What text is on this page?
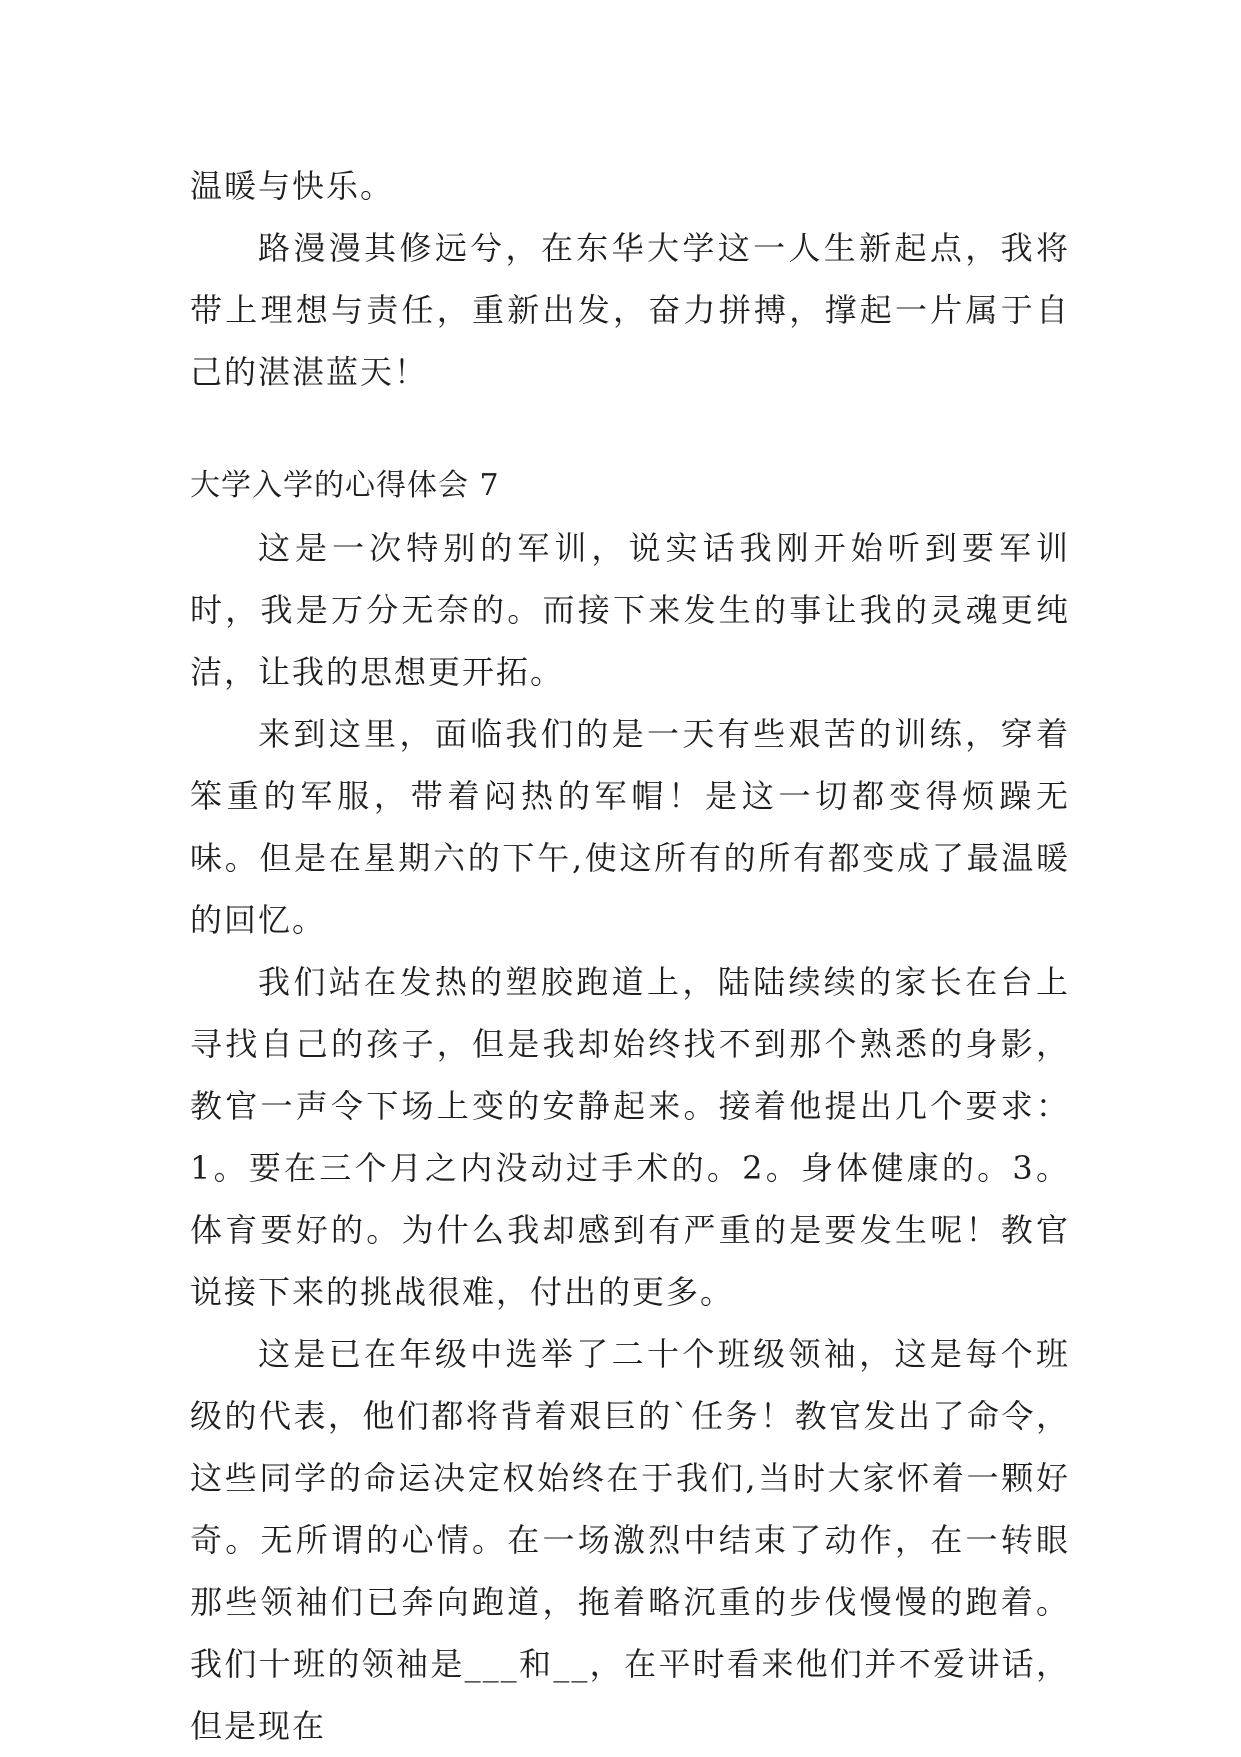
温暖与快乐。

路漫漫其修远兮，在东华大学这一人生新起点，我将带上理想与责任，重新出发，奋力拼搏，撑起一片属于自己的湛湛蓝天！

大学入学的心得体会 7

这是一次特别的军训，说实话我刚开始听到要军训时，我是万分无奈的。而接下来发生的事让我的灵魂更纯洁，让我的思想更开拓。

来到这里，面临我们的是一天有些艰苦的训练，穿着笨重的军服，带着闷热的军帽！是这一切都变得烦躁无味。但是在星期六的下午,使这所有的所有都变成了最温暖的回忆。

我们站在发热的塑胶跑道上，陆陆续续的家长在台上寻找自己的孩子，但是我却始终找不到那个熟悉的身影，教官一声令下场上变的安静起来。接着他提出几个要求：1。要在三个月之内没动过手术的。2。身体健康的。3。体育要好的。为什么我却感到有严重的是要发生呢！教官说接下来的挑战很难，付出的更多。

这是已在年级中选举了二十个班级领袖，这是每个班级的代表，他们都将背着艰巨的`任务！教官发出了命令，这些同学的命运决定权始终在于我们,当时大家怀着一颗好奇。无所谓的心情。在一场激烈中结束了动作，在一转眼那些领袖们已奔向跑道，拖着略沉重的步伐慢慢的跑着。我们十班的领袖是___和__，在平时看来他们并不爱讲话，但是现在
